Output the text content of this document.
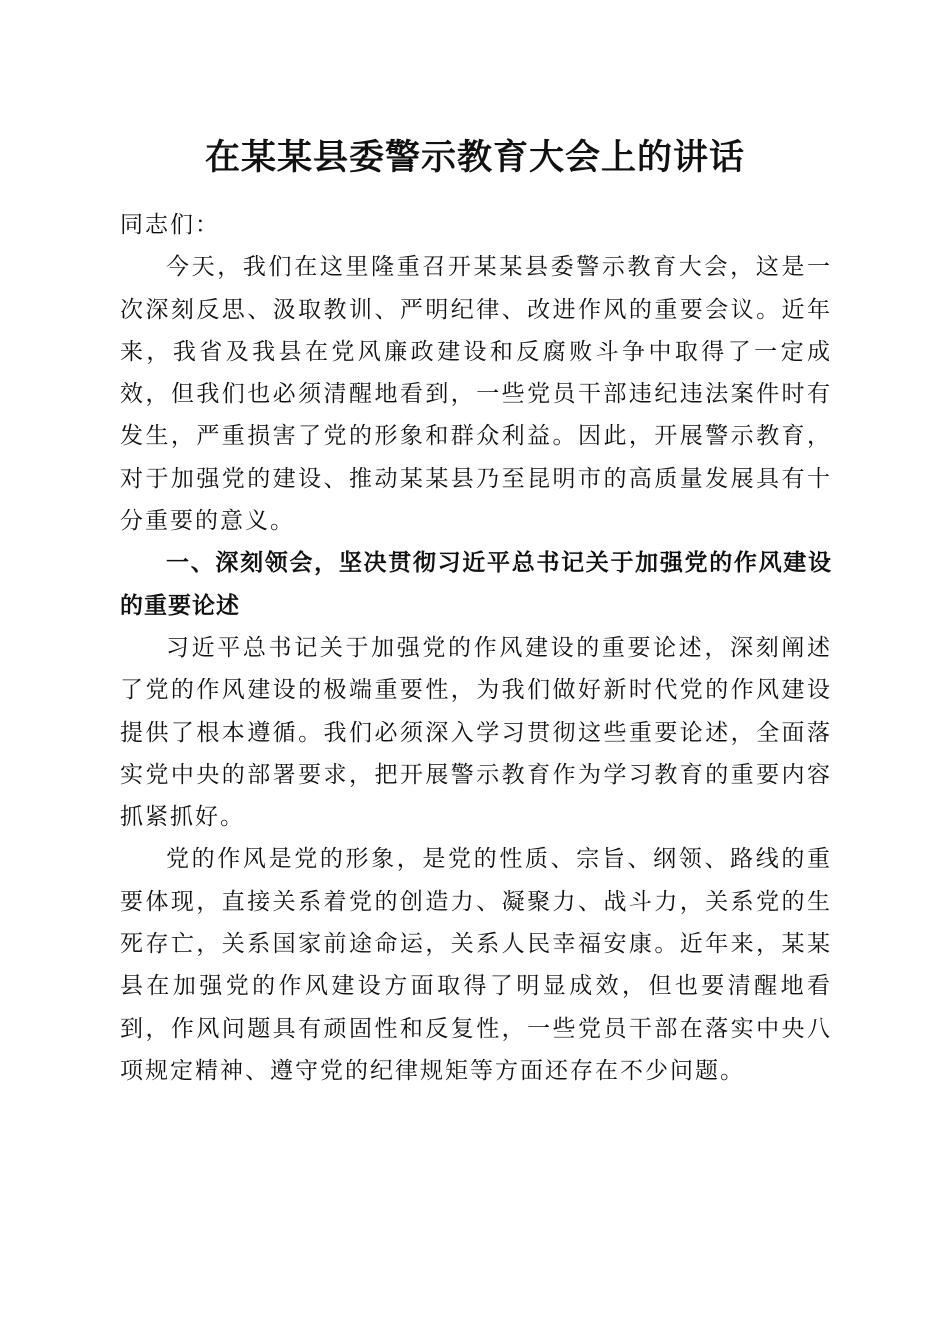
在某某县委警示教育大会上的讲话

同志们：

今天，我们在这里隆重召开某某县委警示教育大会，这是一次深刻反思、汲取教训、严明纪律、改进作风的重要会议。近年来，我省及我县在党风廉政建设和反腐败斗争中取得了一定成效，但我们也必须清醒地看到，一些党员干部违纪违法案件时有发生，严重损害了党的形象和群众利益。因此，开展警示教育，对于加强党的建设、推动某某县乃至昆明市的高质量发展具有十分重要的意义。

一、深刻领会，坚决贯彻习近平总书记关于加强党的作风建设的重要论述

习近平总书记关于加强党的作风建设的重要论述，深刻阐述了党的作风建设的极端重要性，为我们做好新时代党的作风建设提供了根本遵循。我们必须深入学习贯彻这些重要论述，全面落实党中央的部署要求，把开展警示教育作为学习教育的重要内容抓紧抓好。

党的作风是党的形象，是党的性质、宗旨、纲领、路线的重要体现，直接关系着党的创造力、凝聚力、战斗力，关系党的生死存亡，关系国家前途命运，关系人民幸福安康。近年来，某某县在加强党的作风建设方面取得了明显成效，但也要清醒地看到，作风问题具有顽固性和反复性，一些党员干部在落实中央八项规定精神、遵守党的纪律规矩等方面还存在不少问题。
